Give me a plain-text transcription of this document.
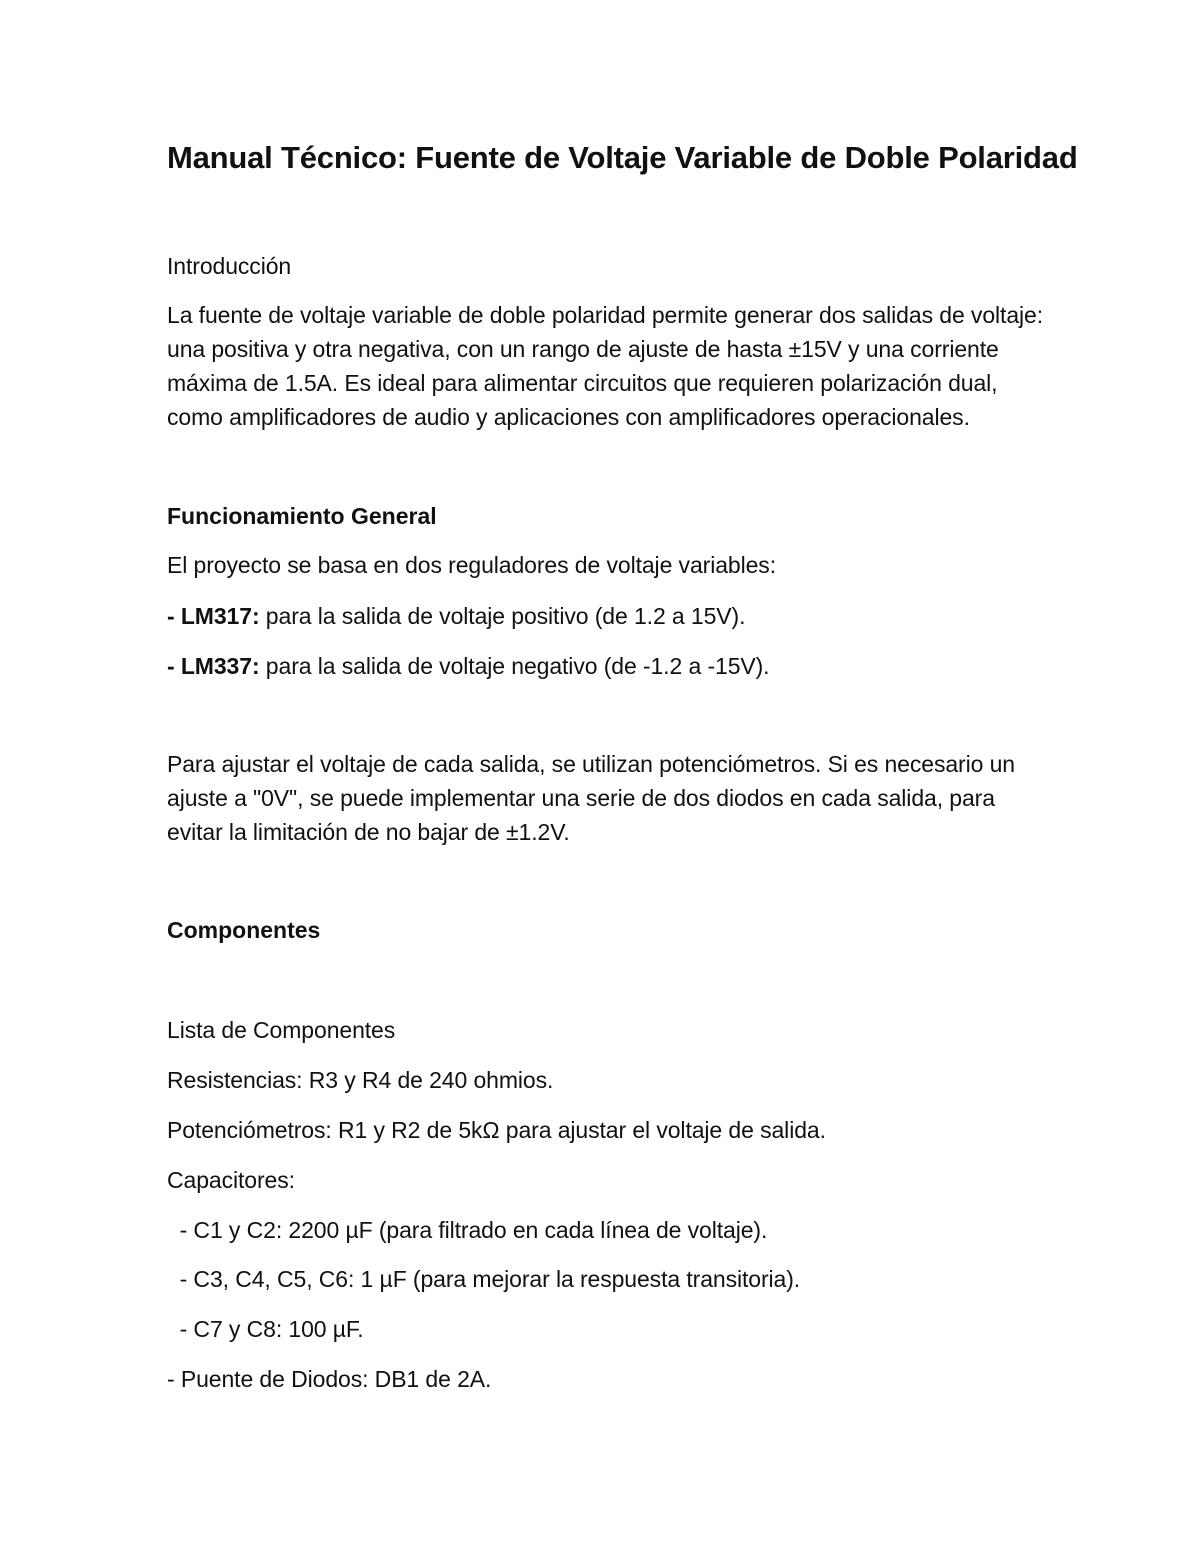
Manual Técnico: Fuente de Voltaje Variable de Doble Polaridad

Introducción

La fuente de voltaje variable de doble polaridad permite generar dos salidas de voltaje:
una positiva y otra negativa, con un rango de ajuste de hasta ±15V y una corriente
máxima de 1.5A. Es ideal para alimentar circuitos que requieren polarización dual,
como amplificadores de audio y aplicaciones con amplificadores operacionales.
Funcionamiento General

El proyecto se basa en dos reguladores de voltaje variables:

- LM317: para la salida de voltaje positivo (de 1.2 a 15V).

- LM337: para la salida de voltaje negativo (de -1.2 a -15V).

Para ajustar el voltaje de cada salida, se utilizan potenciómetros. Si es necesario un
ajuste a "0V", se puede implementar una serie de dos diodos en cada salida, para
evitar la limitación de no bajar de ±1.2V.
Componentes

Lista de Componentes

Resistencias: R3 y R4 de 240 ohmios.

Potenciómetros: R1 y R2 de 5kΩ para ajustar el voltaje de salida.

Capacitores:

- C1 y C2: 2200 µF (para filtrado en cada línea de voltaje).

- C3, C4, C5, C6: 1 µF (para mejorar la respuesta transitoria).

- C7 y C8: 100 µF.

- Puente de Diodos: DB1 de 2A.
